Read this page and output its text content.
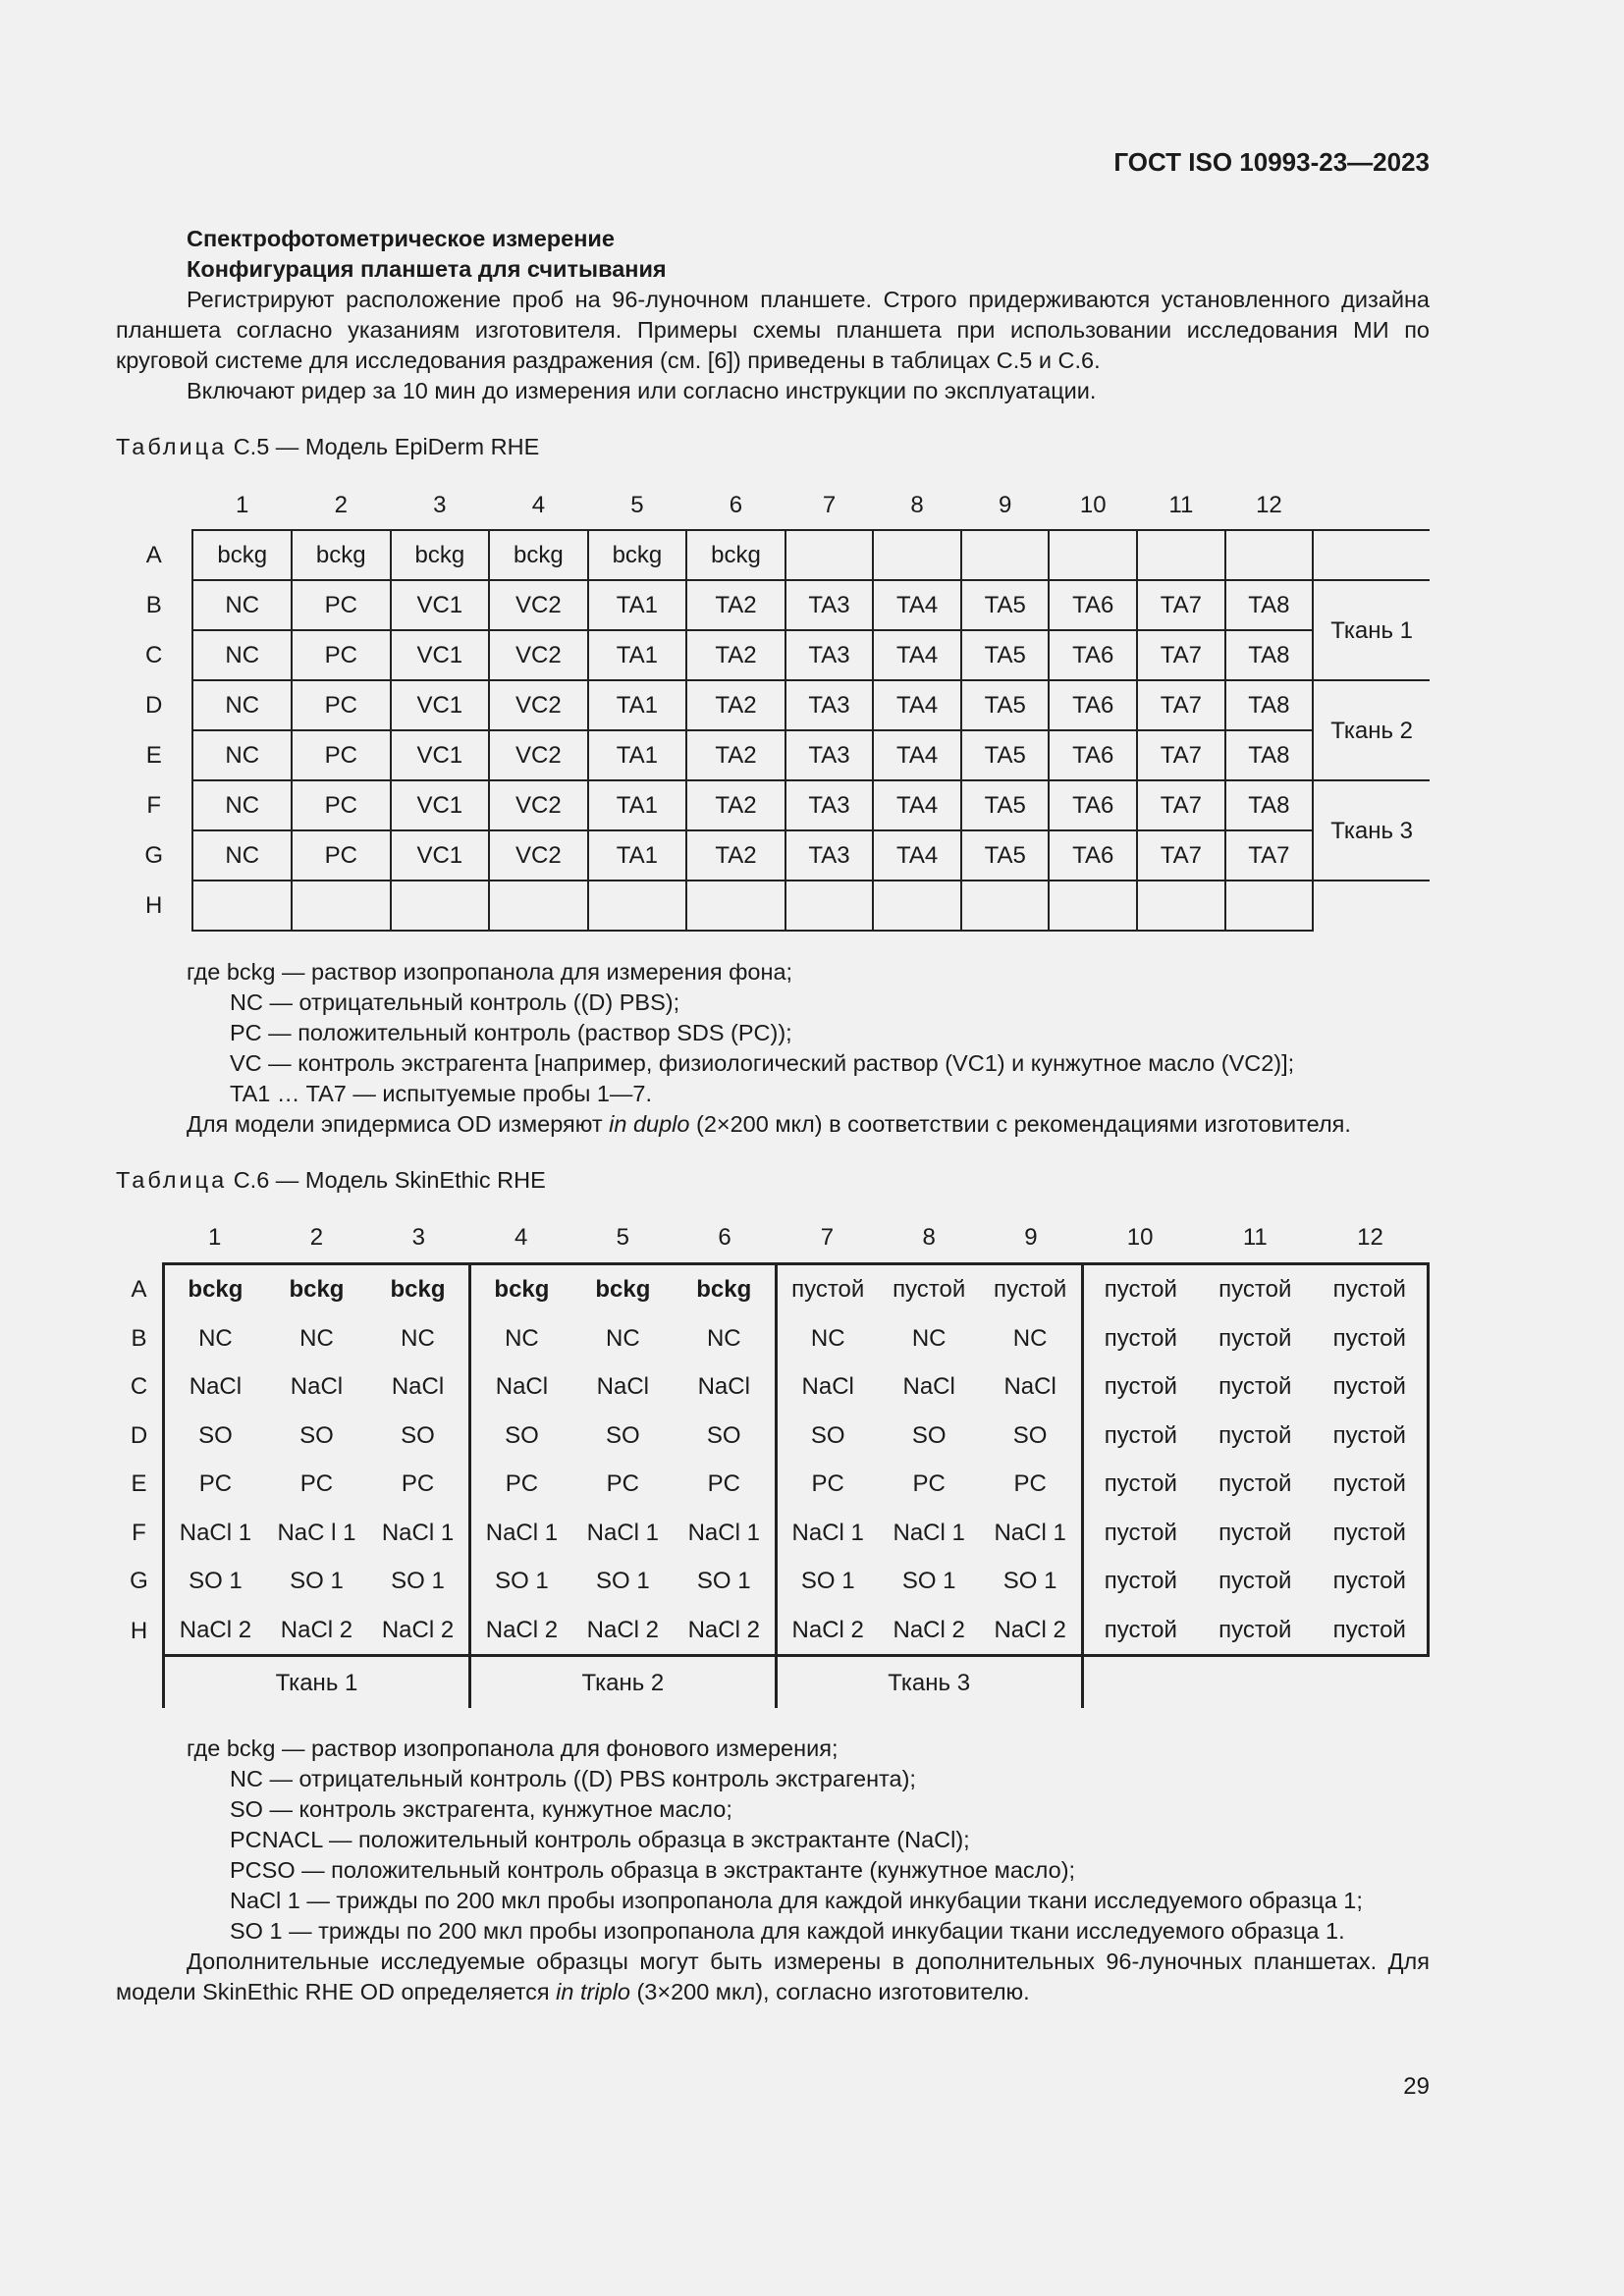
ГОСТ ISO 10993-23—2023
Спектрофотометрическое измерение
Конфигурация планшета для считывания
Регистрируют расположение проб на 96-луночном планшете. Строго придерживаются установленного дизайна планшета согласно указаниям изготовителя. Примеры схемы планшета при использовании исследования МИ по круговой системе для исследования раздражения (см. [6]) приведены в таблицах С.5 и С.6.
Включают ридер за 10 мин до измерения или согласно инструкции по эксплуатации.
Таблица С.5 — Модель EpiDerm RHE
	1	2	3	4	5	6	7	8	9	10	11	12	
A	bckg	bckg	bckg	bckg	bckg	bckg							
B	NC	PC	VC1	VC2	TA1	TA2	TA3	TA4	TA5	TA6	TA7	TA8	Ткань 1
C	NC	PC	VC1	VC2	TA1	TA2	TA3	TA4	TA5	TA6	TA7	TA8	
D	NC	PC	VC1	VC2	TA1	TA2	TA3	TA4	TA5	TA6	TA7	TA8	Ткань 2
E	NC	PC	VC1	VC2	TA1	TA2	TA3	TA4	TA5	TA6	TA7	TA8	
F	NC	PC	VC1	VC2	TA1	TA2	TA3	TA4	TA5	TA6	TA7	TA8	Ткань 3
G	NC	PC	VC1	VC2	TA1	TA2	TA3	TA4	TA5	TA6	TA7	TA7	
H													
где bckg — раствор изопропанола для измерения фона;
NC — отрицательный контроль ((D) PBS);
PC — положительный контроль (раствор SDS (PC));
VC — контроль экстрагента [например, физиологический раствор (VC1) и кунжутное масло (VC2)];
TA1 … TA7 — испытуемые пробы 1—7.
Для модели эпидермиса OD измеряют in duplo (2×200 мкл) в соответствии с рекомендациями изготовителя.
Таблица С.6 — Модель SkinEthic RHE
	1	2	3	4	5	6	7	8	9	10	11	12
A	bckg	bckg	bckg	bckg	bckg	bckg	пустой	пустой	пустой	пустой	пустой	пустой
B	NC	NC	NC	NC	NC	NC	NC	NC	NC	пустой	пустой	пустой
C	NaCl	NaCl	NaCl	NaCl	NaCl	NaCl	NaCl	NaCl	NaCl	пустой	пустой	пустой
D	SO	SO	SO	SO	SO	SO	SO	SO	SO	пустой	пустой	пустой
E	PC	PC	PC	PC	PC	PC	PC	PC	PC	пустой	пустой	пустой
F	NaCl 1	NaC l 1	NaCl 1	NaCl 1	NaCl 1	NaCl 1	NaCl 1	NaCl 1	NaCl 1	пустой	пустой	пустой
G	SO 1	SO 1	SO 1	SO 1	SO 1	SO 1	SO 1	SO 1	SO 1	пустой	пустой	пустой
H	NaCl 2	NaCl 2	NaCl 2	NaCl 2	NaCl 2	NaCl 2	NaCl 2	NaCl 2	NaCl 2	пустой	пустой	пустой
	Ткань 1			Ткань 2			Ткань 3					
где bckg — раствор изопропанола для фонового измерения;
NC — отрицательный контроль ((D) PBS контроль экстрагента);
SO — контроль экстрагента, кунжутное масло;
PCNACL — положительный контроль образца в экстрактанте (NaCl);
PCSO — положительный контроль образца в экстрактанте (кунжутное масло);
NaCl 1 — трижды по 200 мкл пробы изопропанола для каждой инкубации ткани исследуемого образца 1;
SO 1 — трижды по 200 мкл пробы изопропанола для каждой инкубации ткани исследуемого образца 1.
Дополнительные исследуемые образцы могут быть измерены в дополнительных 96-луночных планшетах. Для модели SkinEthic RHE OD определяется in triplo (3×200 мкл), согласно изготовителю.
29
